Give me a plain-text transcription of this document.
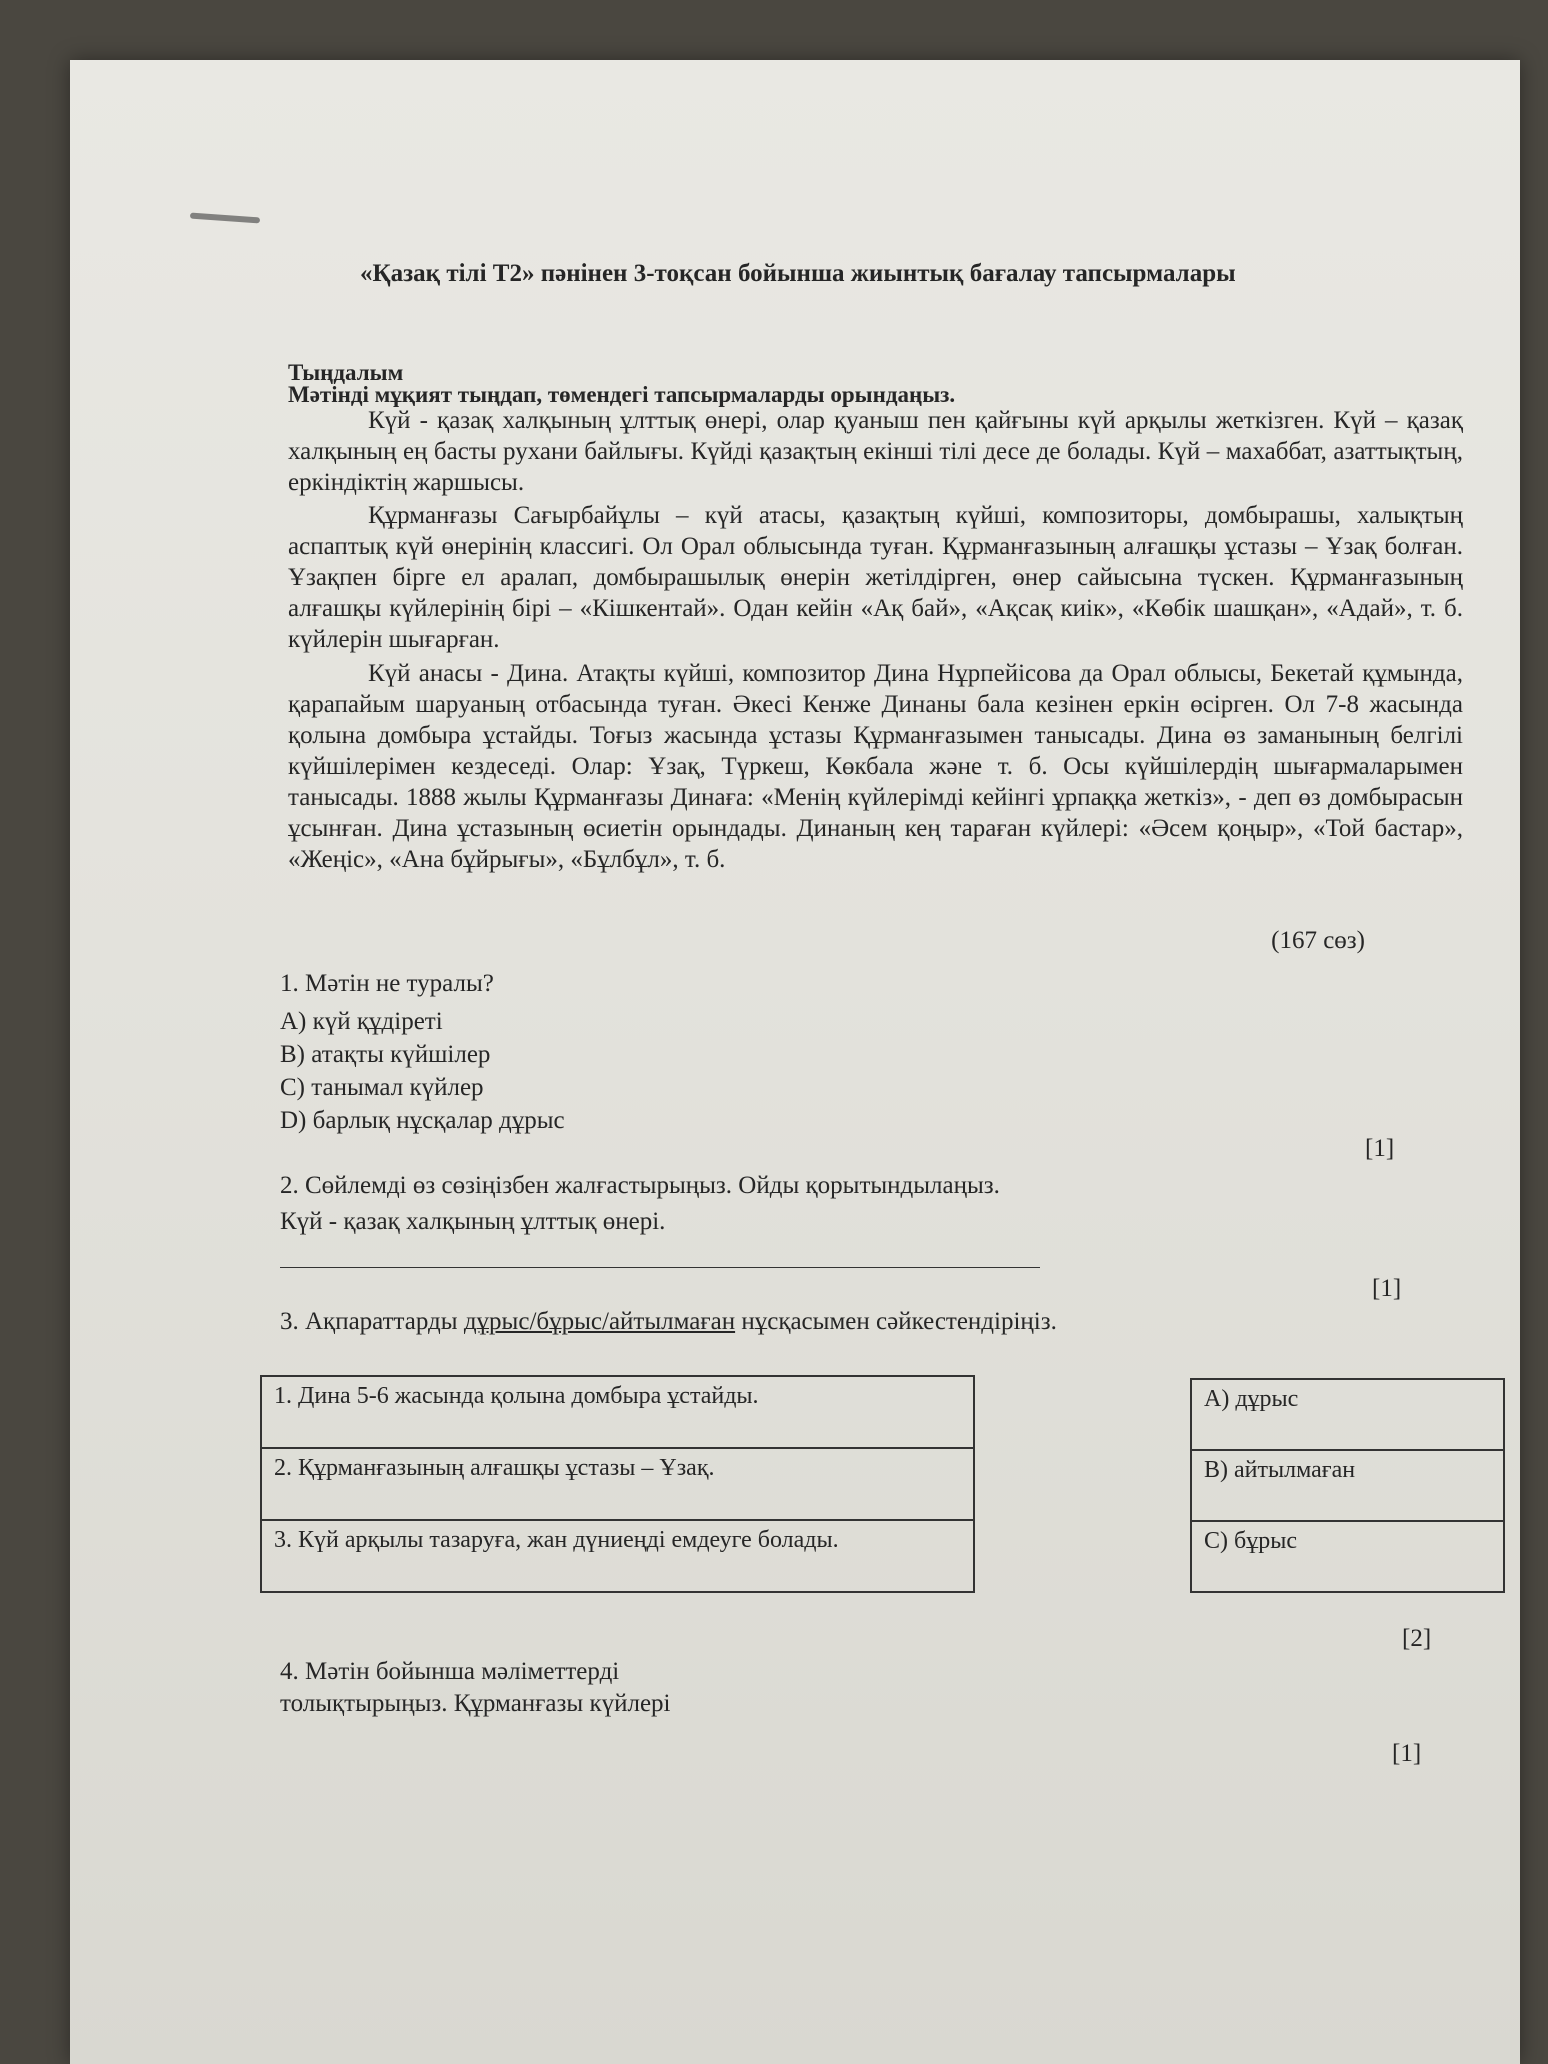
«Қазақ тілі Т2» пәнінен 3-тоқсан бойынша жиынтық бағалау тапсырмалары
Тыңдалым
Мәтінді мұқият тыңдап, төмендегі тапсырмаларды орындаңыз.
Күй - қазақ халқының ұлттық өнері, олар қуаныш пен қайғыны күй арқылы жеткізген. Күй – қазақ халқының ең басты рухани байлығы. Күйді қазақтың екінші тілі десе де болады. Күй – махаббат, азаттықтың, еркіндіктің жаршысы.
Құрманғазы Сағырбайұлы – күй атасы, қазақтың күйші, композиторы, домбырашы, халықтың аспаптық күй өнерінің классигі. Ол Орал облысында туған. Құрманғазының алғашқы ұстазы – Ұзақ болған. Ұзақпен бірге ел аралап, домбырашылық өнерін жетілдірген, өнер сайысына түскен. Құрманғазының алғашқы күйлерінің бірі – «Кішкентай». Одан кейін «Ақ бай», «Ақсақ киік», «Көбік шашқан», «Адай», т. б. күйлерін шығарған.
Күй анасы - Дина. Атақты күйші, композитор Дина Нұрпейісова да Орал облысы, Бекетай құмында, қарапайым шаруаның отбасында туған. Әкесі Кенже Динаны бала кезінен еркін өсірген. Ол 7-8 жасында қолына домбыра ұстайды. Тоғыз жасында ұстазы Құрманғазымен танысады. Дина өз заманының белгілі күйшілерімен кездеседі. Олар: Ұзақ, Түркеш, Көкбала және т. б. Осы күйшілердің шығармаларымен танысады. 1888 жылы Құрманғазы Динаға: «Менің күйлерімді кейінгі ұрпаққа жеткіз», - деп өз домбырасын ұсынған. Дина ұстазының өсиетін орындады. Динаның кең тараған күйлері: «Әсем қоңыр», «Той бастар», «Жеңіс», «Ана бұйрығы», «Бұлбұл», т. б.
(167 сөз)
1. Мәтін не туралы?
A) күй құдіреті
B) атақты күйшілер
C) танымал күйлер
D) барлық нұсқалар дұрыс
[1]
2. Сөйлемді өз сөзіңізбен жалғастырыңыз. Ойды қорытындылаңыз.
Күй - қазақ халқының ұлттық өнері.
[1]
3. Ақпараттарды дұрыс/бұрыс/айтылмаған нұсқасымен сәйкестендіріңіз.
1. Дина 5-6 жасында қолына домбыра ұстайды.
2. Құрманғазының алғашқы ұстазы – Ұзақ.
3. Күй арқылы тазаруға, жан дүниеңді емдеуге болады.
A) дұрыс
B) айтылмаған
C) бұрыс
[2]
4. Мәтін бойынша мәліметтерді
толықтырыңыз. Құрманғазы күйлері
[1]
